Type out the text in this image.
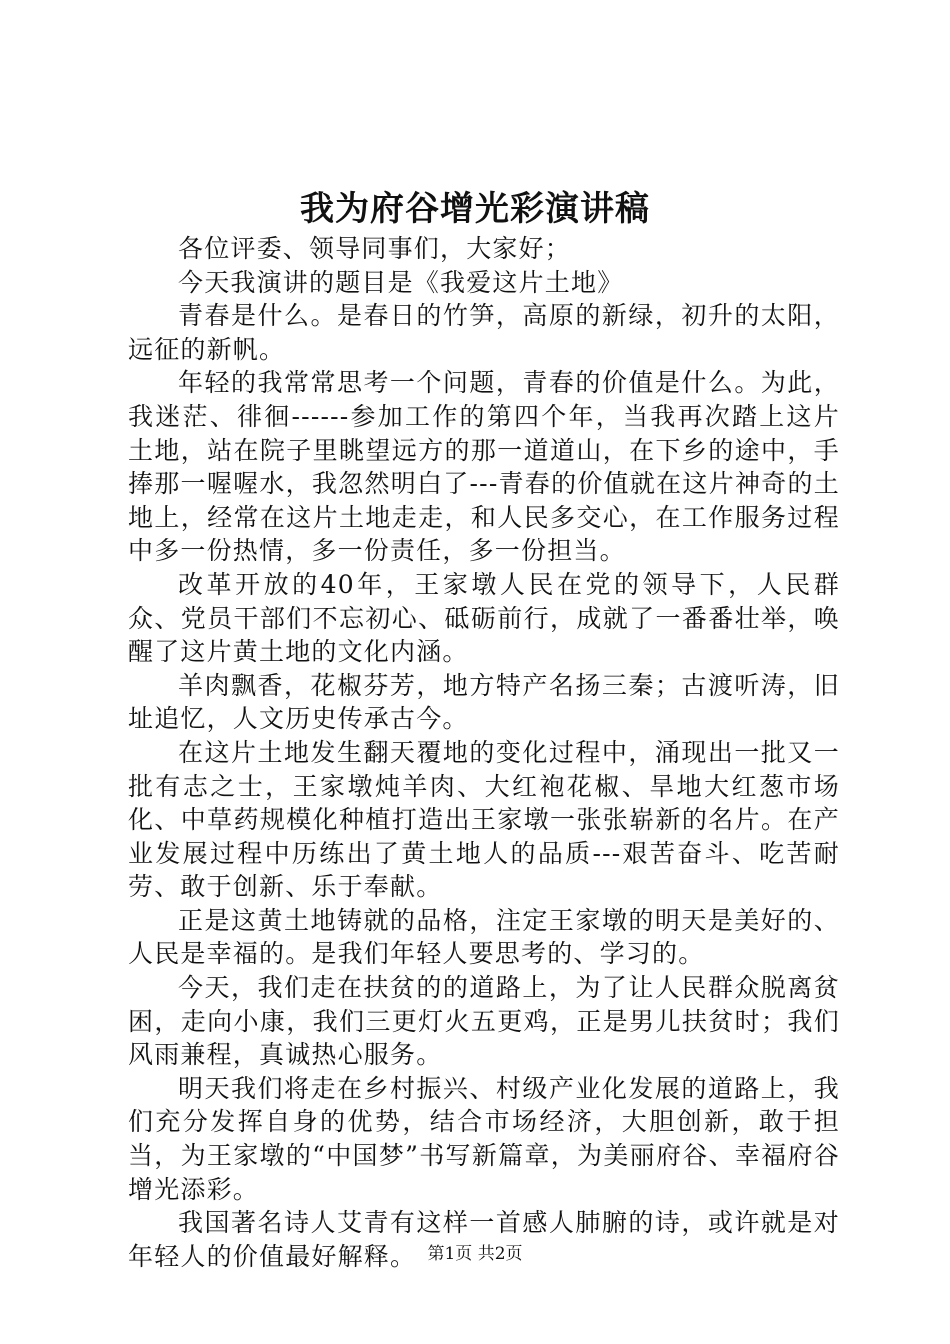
我为府谷增光彩演讲稿

各位评委、领导同事们，大家好；

今天我演讲的题目是《我爱这片土地》

青春是什么。是春日的竹笋，高原的新绿，初升的太阳，远征的新帆。

年轻的我常常思考一个问题，青春的价值是什么。为此，我迷茫、徘徊------参加工作的第四个年，当我再次踏上这片土地，站在院子里眺望远方的那一道道山，在下乡的途中，手捧那一喔喔水，我忽然明白了---青春的价值就在这片神奇的土地上，经常在这片土地走走，和人民多交心，在工作服务过程中多一份热情，多一份责任，多一份担当。

改革开放的40年，王家墩人民在党的领导下，人民群众、党员干部们不忘初心、砥砺前行，成就了一番番壮举，唤醒了这片黄土地的文化内涵。

羊肉飘香，花椒芬芳，地方特产名扬三秦；古渡听涛，旧址追忆，人文历史传承古今。

在这片土地发生翻天覆地的变化过程中，涌现出一批又一批有志之士，王家墩炖羊肉、大红袍花椒、旱地大红葱市场化、中草药规模化种植打造出王家墩一张张崭新的名片。在产业发展过程中历练出了黄土地人的品质---艰苦奋斗、吃苦耐劳、敢于创新、乐于奉献。

正是这黄土地铸就的品格，注定王家墩的明天是美好的、人民是幸福的。是我们年轻人要思考的、学习的。

今天，我们走在扶贫的的道路上，为了让人民群众脱离贫困，走向小康，我们三更灯火五更鸡，正是男儿扶贫时；我们风雨兼程，真诚热心服务。

明天我们将走在乡村振兴、村级产业化发展的道路上，我们充分发挥自身的优势，结合市场经济，大胆创新，敢于担当，为王家墩的“中国梦”书写新篇章，为美丽府谷、幸福府谷增光添彩。

我国著名诗人艾青有这样一首感人肺腑的诗，或许就是对年轻人的价值最好解释。 第1页 共2页
